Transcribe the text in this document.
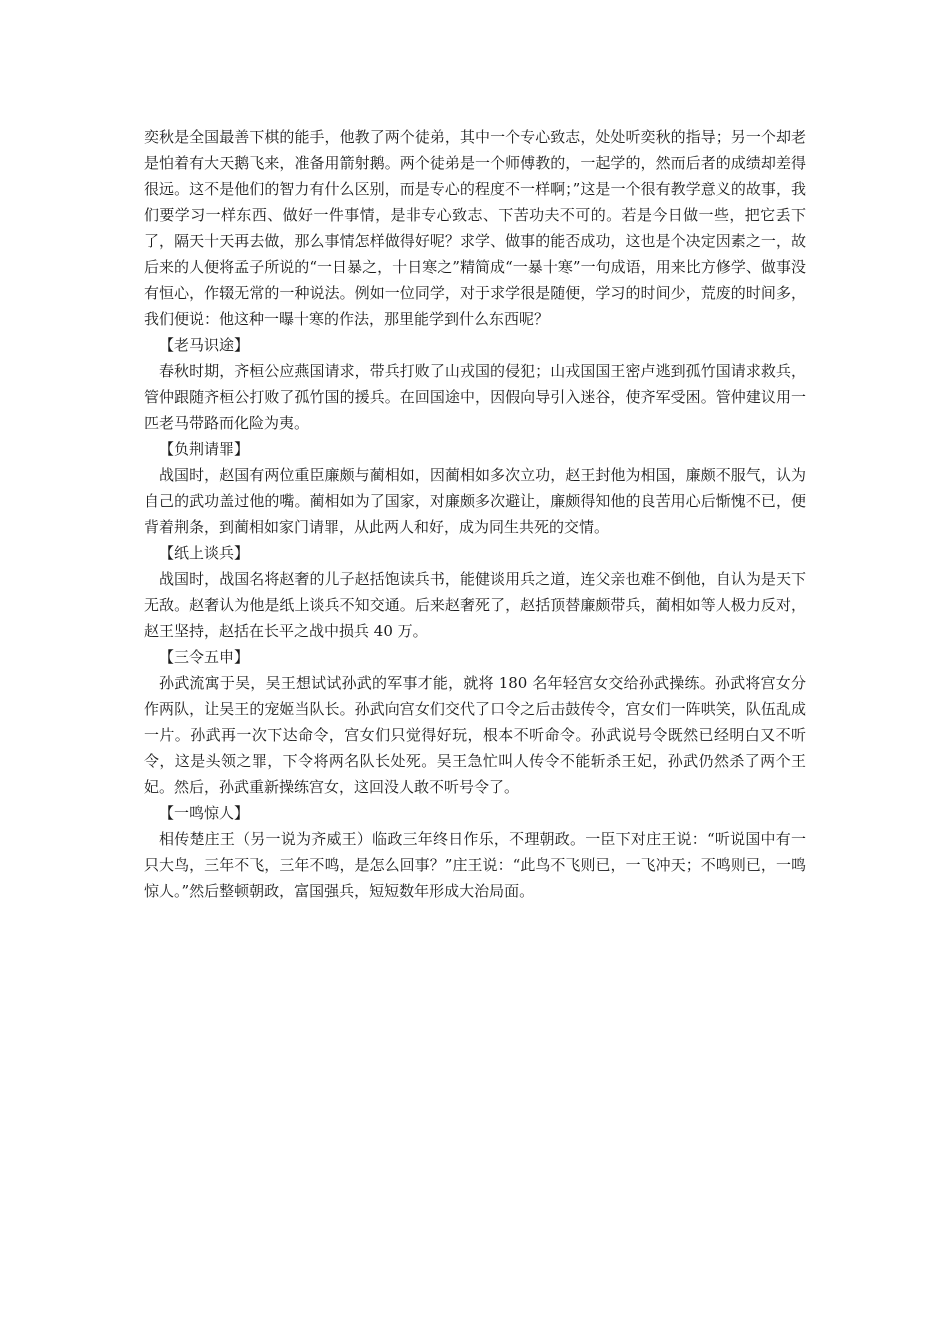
奕秋是全国最善下棋的能手，他教了两个徒弟，其中一个专心致志，处处听奕秋的指导；另一个却老是怕着有大天鹅飞来，准备用箭射鹅。两个徒弟是一个师傅教的，一起学的，然而后者的成绩却差得很远。这不是他们的智力有什么区别，而是专心的程度不一样啊；”这是一个很有教学意义的故事，我们要学习一样东西、做好一件事情，是非专心致志、下苦功夫不可的。若是今日做一些，把它丢下了，隔天十天再去做，那么事情怎样做得好呢？求学、做事的能否成功，这也是个决定因素之一，故后来的人便将孟子所说的“一日暴之，十日寒之”精简成“一暴十寒”一句成语，用来比方修学、做事没有恒心，作辍无常的一种说法。例如一位同学，对于求学很是随便，学习的时间少，荒废的时间多，我们便说：他这种一曝十寒的作法，那里能学到什么东西呢？

【老马识途】

春秋时期，齐桓公应燕国请求，带兵打败了山戎国的侵犯；山戎国国王密卢逃到孤竹国请求救兵，管仲跟随齐桓公打败了孤竹国的援兵。在回国途中，因假向导引入迷谷，使齐军受困。管仲建议用一匹老马带路而化险为夷。

【负荆请罪】

战国时，赵国有两位重臣廉颇与蔺相如，因蔺相如多次立功，赵王封他为相国，廉颇不服气，认为自己的武功盖过他的嘴。蔺相如为了国家，对廉颇多次避让，廉颇得知他的良苦用心后惭愧不已，便背着荆条，到蔺相如家门请罪，从此两人和好，成为同生共死的交情。

【纸上谈兵】

战国时，战国名将赵奢的儿子赵括饱读兵书，能健谈用兵之道，连父亲也难不倒他，自认为是天下无敌。赵奢认为他是纸上谈兵不知交通。后来赵奢死了，赵括顶替廉颇带兵，蔺相如等人极力反对，赵王坚持，赵括在长平之战中损兵 40 万。

【三令五申】

孙武流寓于吴，吴王想试试孙武的军事才能，就将 180 名年轻宫女交给孙武操练。孙武将宫女分作两队，让吴王的宠姬当队长。孙武向宫女们交代了口令之后击鼓传令，宫女们一阵哄笑，队伍乱成一片。孙武再一次下达命令，宫女们只觉得好玩，根本不听命令。孙武说号令既然已经明白又不听令，这是头领之罪，下令将两名队长处死。吴王急忙叫人传令不能斩杀王妃，孙武仍然杀了两个王妃。然后，孙武重新操练宫女，这回没人敢不听号令了。

【一鸣惊人】

相传楚庄王（另一说为齐威王）临政三年终日作乐，不理朝政。一臣下对庄王说：“听说国中有一只大鸟，三年不飞，三年不鸣，是怎么回事？”庄王说：“此鸟不飞则已，一飞冲天；不鸣则已，一鸣惊人。”然后整顿朝政，富国强兵，短短数年形成大治局面。
